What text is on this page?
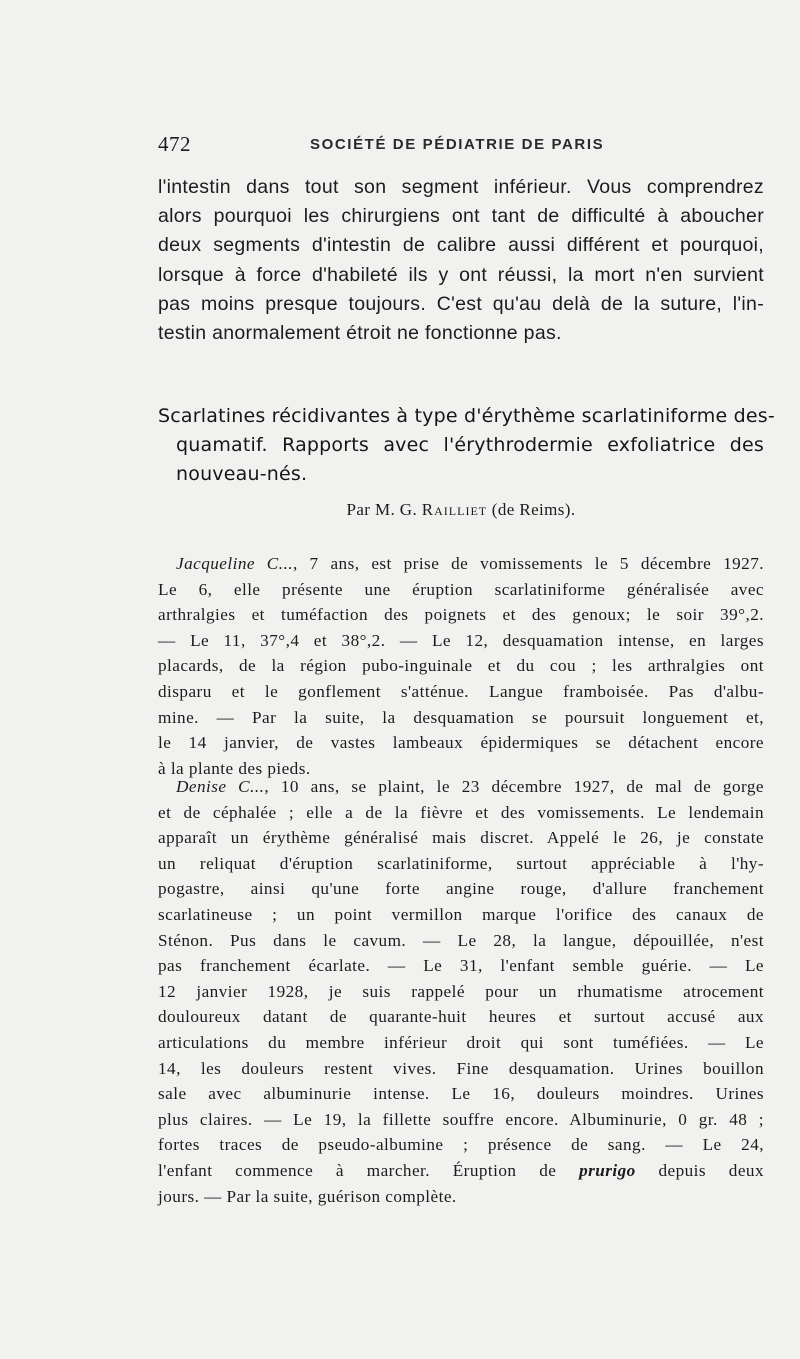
472	SOCIÉTÉ DE PÉDIATRIE DE PARIS
l'intestin dans tout son segment inférieur. Vous comprendrez
alors pourquoi les chirurgiens ont tant de difficulté à aboucher
deux segments d'intestin de calibre aussi différent et pourquoi,
lorsque à force d'habileté ils y ont réussi, la mort n'en survient
pas moins presque toujours. C'est qu'au delà de la suture, l'in-
testin anormalement étroit ne fonctionne pas.
Scarlatines récidivantes à type d'érythème scarlatiniforme des-
quamatif. Rapports avec l'érythrodermie exfoliatrice des
nouveau-nés.
Par M. G. Railliet (de Reims).
Jacqueline C..., 7 ans, est prise de vomissements le 5 décembre 1927.
Le 6, elle présente une éruption scarlatiniforme généralisée avec
arthralgies et tuméfaction des poignets et des genoux; le soir 39°,2.
— Le 11, 37°,4 et 38°,2. — Le 12, desquamation intense, en larges
placards, de la région pubo-inguinale et du cou ; les arthralgies ont
disparu et le gonflement s'atténue. Langue framboisée. Pas d'albu-
mine. — Par la suite, la desquamation se poursuit longuement et,
le 14 janvier, de vastes lambeaux épidermiques se détachent encore
à la plante des pieds.
Denise C..., 10 ans, se plaint, le 23 décembre 1927, de mal de gorge
et de céphalée ; elle a de la fièvre et des vomissements. Le lendemain
apparaît un érythème généralisé mais discret. Appelé le 26, je constate
un reliquat d'éruption scarlatiniforme, surtout appréciable à l'hy-
pogastre, ainsi qu'une forte angine rouge, d'allure franchement
scarlatineuse ; un point vermillon marque l'orifice des canaux de
Sténon. Pus dans le cavum. — Le 28, la langue, dépouillée, n'est
pas franchement écarlate. — Le 31, l'enfant semble guérie. — Le
12 janvier 1928, je suis rappelé pour un rhumatisme atrocement
douloureux datant de quarante-huit heures et surtout accusé aux
articulations du membre inférieur droit qui sont tuméfiées. — Le
14, les douleurs restent vives. Fine desquamation. Urines bouillon
sale avec albuminurie intense. Le 16, douleurs moindres. Urines
plus claires. — Le 19, la fillette souffre encore. Albuminurie, 0 gr. 48 ;
fortes traces de pseudo-albumine ; présence de sang. — Le 24,
l'enfant commence à marcher. Éruption de prurigo depuis deux
jours. — Par la suite, guérison complète.
